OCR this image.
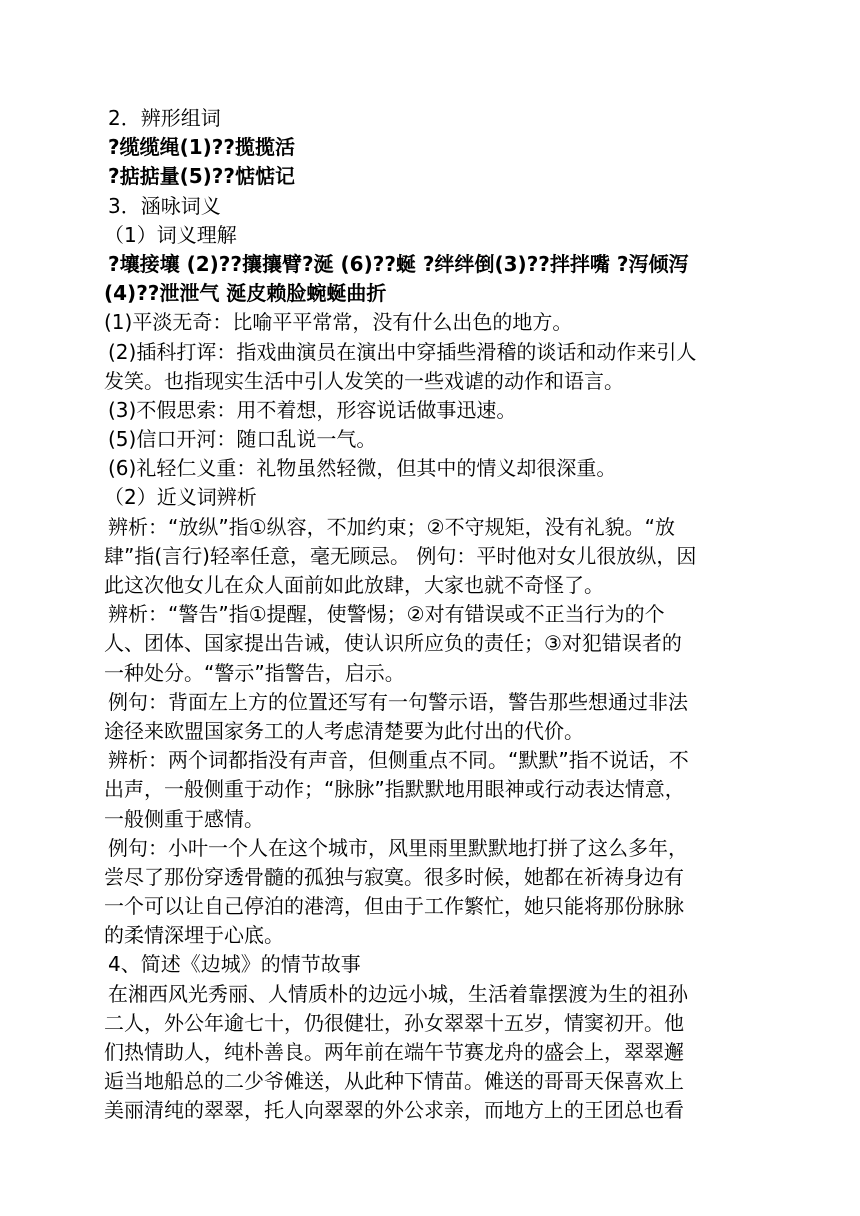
2．辨形组词
?缆缆绳(1)??揽揽活
?掂掂量(5)??惦惦记
3．涵咏词义
（1）词义理解
?壤接壤 (2)??攘攘臂?涎 (6)??蜒 ?绊绊倒(3)??拌拌嘴 ?泻倾泻
(4)??泄泄气 涎皮赖脸蜿蜒曲折
(1)平淡无奇：比喻平平常常，没有什么出色的地方。
(2)插科打诨：指戏曲演员在演出中穿插些滑稽的谈话和动作来引人
发笑。也指现实生活中引人发笑的一些戏谑的动作和语言。
(3)不假思索：用不着想，形容说话做事迅速。
(5)信口开河：随口乱说一气。
(6)礼轻仁义重：礼物虽然轻微，但其中的情义却很深重。
（2）近义词辨析
辨析：“放纵”指①纵容，不加约束；②不守规矩，没有礼貌。“放
肆”指(言行)轻率任意，毫无顾忌。 例句：平时他对女儿很放纵，因
此这次他女儿在众人面前如此放肆，大家也就不奇怪了。
辨析：“警告”指①提醒，使警惕；②对有错误或不正当行为的个
人、团体、国家提出告诫，使认识所应负的责任；③对犯错误者的
一种处分。“警示”指警告，启示。
例句：背面左上方的位置还写有一句警示语，警告那些想通过非法
途径来欧盟国家务工的人考虑清楚要为此付出的代价。
辨析：两个词都指没有声音，但侧重点不同。“默默”指不说话，不
出声，一般侧重于动作；“脉脉”指默默地用眼神或行动表达情意，
一般侧重于感情。
例句：小叶一个人在这个城市，风里雨里默默地打拼了这么多年，
尝尽了那份穿透骨髓的孤独与寂寞。很多时候，她都在祈祷身边有
一个可以让自己停泊的港湾，但由于工作繁忙，她只能将那份脉脉
的柔情深埋于心底。
4、简述《边城》的情节故事
在湘西风光秀丽、人情质朴的边远小城，生活着靠摆渡为生的祖孙
二人，外公年逾七十，仍很健壮，孙女翠翠十五岁，情窦初开。他
们热情助人，纯朴善良。两年前在端午节赛龙舟的盛会上，翠翠邂
逅当地船总的二少爷傩送，从此种下情苗。傩送的哥哥天保喜欢上
美丽清纯的翠翠，托人向翠翠的外公求亲，而地方上的王团总也看
